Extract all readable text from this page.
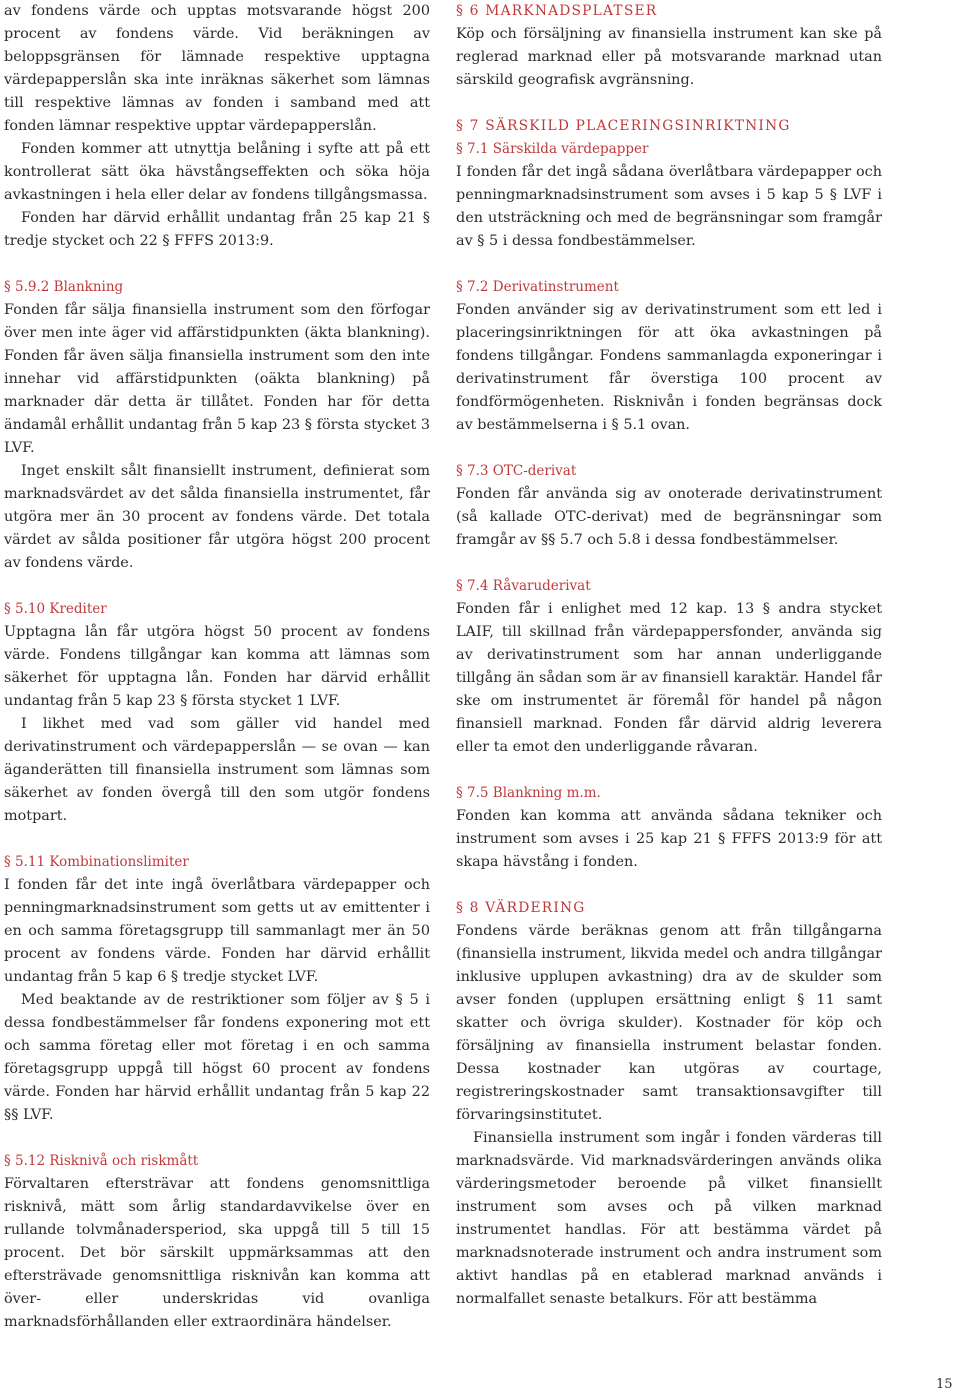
av fondens värde och upptas motsvarande högst 200 procent av fondens värde. Vid beräkningen av beloppsgränsen för lämnade respektive upptagna värdepapperslån ska inte inräknas säkerhet som lämnas till respektive lämnas av fonden i samband med att fonden lämnar respektive upptar värdepapperslån.

Fonden kommer att utnyttja belåning i syfte att på ett kontrollerat sätt öka hävstångseffekten och söka höja avkastningen i hela eller delar av fondens tillgångsmassa.

Fonden har därvid erhållit undantag från 25 kap 21 § tredje stycket och 22 § FFFS 2013:9.

§ 5.9.2 Blankning

Fonden får sälja finansiella instrument som den förfogar över men inte äger vid affärstidpunkten (äkta blankning). Fonden får även sälja finansiella instrument som den inte innehar vid affärstidpunkten (oäkta blankning) på marknader där detta är tillåtet. Fonden har för detta ändamål erhållit undantag från 5 kap 23 § första stycket 3 LVF.

Inget enskilt sålt finansiellt instrument, definierat som marknadsvärdet av det sålda finansiella instrumentet, får utgöra mer än 30 procent av fondens värde. Det totala värdet av sålda positioner får utgöra högst 200 procent av fondens värde.

§ 5.10 Krediter

Upptagna lån får utgöra högst 50 procent av fondens värde. Fondens tillgångar kan komma att lämnas som säkerhet för upptagna lån. Fonden har därvid erhållit undantag från 5 kap 23 § första stycket 1 LVF.

I likhet med vad som gäller vid handel med derivatinstrument och värdepapperslån — se ovan — kan äganderätten till finansiella instrument som lämnas som säkerhet av fonden övergå till den som utgör fondens motpart.

§ 5.11 Kombinationslimiter

I fonden får det inte ingå överlåtbara värdepapper och penningmarknadsinstrument som getts ut av emittenter i en och samma företagsgrupp till sammanlagt mer än 50 procent av fondens värde. Fonden har därvid erhållit undantag från 5 kap 6 § tredje stycket LVF.

Med beaktande av de restriktioner som följer av § 5 i dessa fondbestämmelser får fondens exponering mot ett och samma företag eller mot företag i en och samma företagsgrupp uppgå till högst 60 procent av fondens värde. Fonden har härvid erhållit undantag från 5 kap 22 §§ LVF.

§ 5.12 Risknivå och riskmått

Förvaltaren eftersträvar att fondens genomsnittliga risknivå, mätt som årlig standardavvikelse över en rullande tolvmånadersperiod, ska uppgå till 5 till 15 procent. Det bör särskilt uppmärksammas att den eftersträvade genomsnittliga risknivån kan komma att över- eller underskridas vid ovanliga marknadsförhållanden eller extraordinära händelser.

§ 6 MARKNADSPLATSER

Köp och försäljning av finansiella instrument kan ske på reglerad marknad eller på motsvarande marknad utan särskild geografisk avgränsning.

§ 7 SÄRSKILD PLACERINGSINRIKTNING
§ 7.1 Särskilda värdepapper

I fonden får det ingå sådana överlåtbara värdepapper och penningmarknadsinstrument som avses i 5 kap 5 § LVF i den utsträckning och med de begränsningar som framgår av § 5 i dessa fondbestämmelser.

§ 7.2 Derivatinstrument

Fonden använder sig av derivatinstrument som ett led i placeringsinriktningen för att öka avkastningen på fondens tillgångar. Fondens sammanlagda exponeringar i derivatinstrument får överstiga 100 procent av fondförmögenheten. Risknivån i fonden begränsas dock av bestämmelserna i § 5.1 ovan.

§ 7.3 OTC-derivat

Fonden får använda sig av onoterade derivatinstrument (så kallade OTC-derivat) med de begränsningar som framgår av §§ 5.7 och 5.8 i dessa fondbestämmelser.

§ 7.4 Råvaruderivat

Fonden får i enlighet med 12 kap. 13 § andra stycket LAIF, till skillnad från värdepappersfonder, använda sig av derivatinstrument som har annan underliggande tillgång än sådan som är av finansiell karaktär. Handel får ske om instrumentet är föremål för handel på någon finansiell marknad. Fonden får därvid aldrig leverera eller ta emot den underliggande råvaran.

§ 7.5 Blankning m.m.

Fonden kan komma att använda sådana tekniker och instrument som avses i 25 kap 21 § FFFS 2013:9 för att skapa hävstång i fonden.

§ 8 VÄRDERING

Fondens värde beräknas genom att från tillgångarna (finansiella instrument, likvida medel och andra tillgångar inklusive upplupen avkastning) dra av de skulder som avser fonden (upplupen ersättning enligt § 11 samt skatter och övriga skulder). Kostnader för köp och försäljning av finansiella instrument belastar fonden. Dessa kostnader kan utgöras av courtage, registreringskostnader samt transaktionsavgifter till förvaringsinstitutet.

Finansiella instrument som ingår i fonden värderas till marknadsvärde. Vid marknadsvärderingen används olika värderingsmetoder beroende på vilket finansiellt instrument som avses och på vilken marknad instrumentet handlas. För att bestämma värdet på marknadsnoterade instrument och andra instrument som aktivt handlas på en etablerad marknad används i normalfallet senaste betalkurs. För att bestämma

15
